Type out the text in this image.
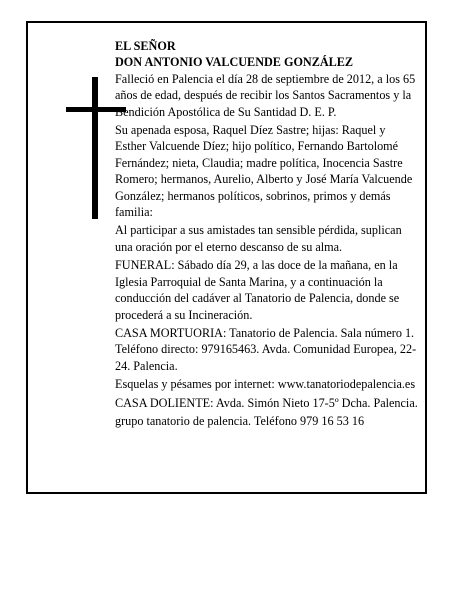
EL SEÑOR

DON ANTONIO VALCUENDE GONZÁLEZ

Falleció en Palencia el día 28 de septiembre de 2012, a los 65 años de edad, después de recibir los Santos Sacramentos y la Bendición Apostólica de Su Santidad D. E. P.

Su apenada esposa, Raquel Díez Sastre; hijas: Raquel y Esther Valcuende Díez; hijo político, Fernando Bartolomé Fernández; nieta, Claudia; madre política, Inocencia Sastre Romero; hermanos, Aurelio, Alberto y José María Valcuende González; hermanos políticos, sobrinos, primos y demás familia:

Al participar a sus amistades tan sensible pérdida, suplican una oración por el eterno descanso de su alma.

FUNERAL: Sábado día 29, a las doce de la mañana, en la Iglesia Parroquial de Santa Marina, y a continuación la conducción del cadáver al Tanatorio de Palencia, donde se procederá a su Incineración.

CASA MORTUORIA: Tanatorio de Palencia. Sala número 1. Teléfono directo: 979165463. Avda. Comunidad Europea, 22-24. Palencia.

Esquelas y pésames por internet: www.tanatoriodepalencia.es

CASA DOLIENTE: Avda. Simón Nieto 17-5º Dcha. Palencia.

grupo tanatorio de palencia. Teléfono 979 16 53 16
